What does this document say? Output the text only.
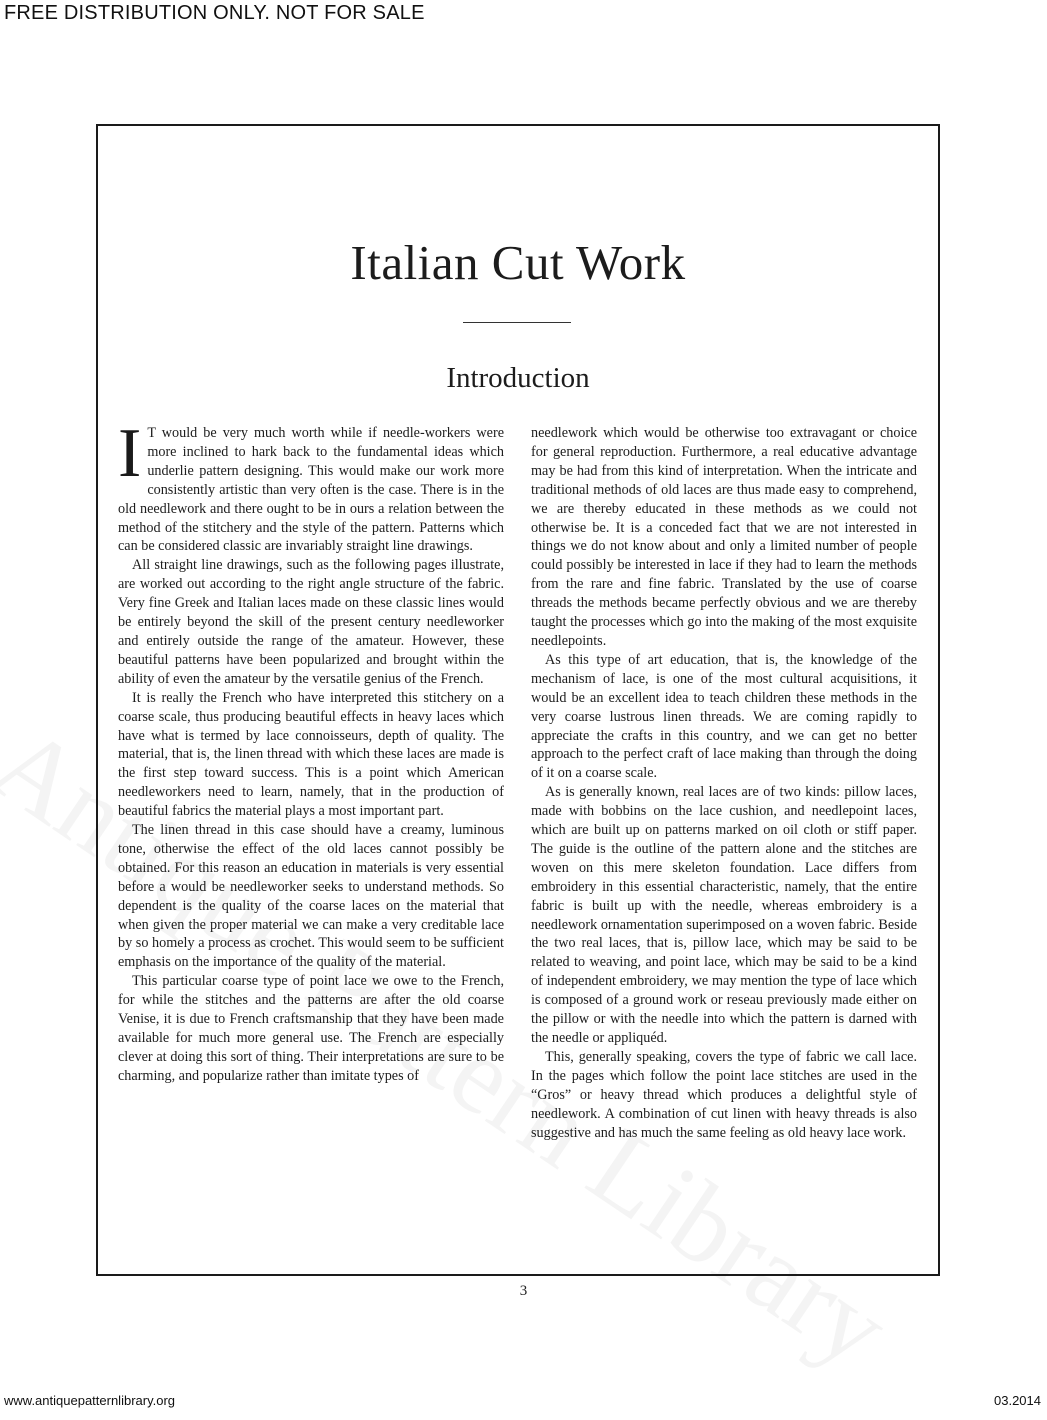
FREE DISTRIBUTION ONLY. NOT FOR SALE
Italian Cut Work
Introduction

I T would be very much worth while if needle-workers were more inclined to hark back to the fundamental ideas which underlie pattern designing. This would make our work more consistently artistic than very often is the case. There is in the old needlework and there ought to be in ours a relation between the method of the stitchery and the style of the pattern. Patterns which can be considered classic are invariably straight line drawings.

All straight line drawings, such as the following pages illustrate, are worked out according to the right angle structure of the fabric. Very fine Greek and Italian laces made on these classic lines would be entirely beyond the skill of the present century needleworker and entirely outside the range of the amateur. However, these beautiful patterns have been popularized and brought within the ability of even the amateur by the versatile genius of the French.

It is really the French who have interpreted this stitchery on a coarse scale, thus producing beautiful effects in heavy laces which have what is termed by lace connoisseurs, depth of quality. The material, that is, the linen thread with which these laces are made is the first step toward success. This is a point which American needleworkers need to learn, namely, that in the production of beautiful fabrics the material plays a most important part.

The linen thread in this case should have a creamy, luminous tone, otherwise the effect of the old laces cannot possibly be obtained. For this reason an education in materials is very essential before a would be needleworker seeks to understand methods. So dependent is the quality of the coarse laces on the material that when given the proper material we can make a very creditable lace by so homely a process as crochet. This would seem to be sufficient emphasis on the importance of the quality of the material.

This particular coarse type of point lace we owe to the French, for while the stitches and the patterns are after the old coarse Venise, it is due to French craftsmanship that they have been made available for much more general use. The French are especially clever at doing this sort of thing. Their interpretations are sure to be charming, and popularize rather than imitate types of

needlework which would be otherwise too extravagant or choice for general reproduction. Furthermore, a real educative advantage may be had from this kind of interpretation. When the intricate and traditional methods of old laces are thus made easy to comprehend, we are thereby educated in these methods as we could not otherwise be. It is a conceded fact that we are not interested in things we do not know about and only a limited number of people could possibly be interested in lace if they had to learn the methods from the rare and fine fabric. Translated by the use of coarse threads the methods became perfectly obvious and we are thereby taught the processes which go into the making of the most exquisite needlepoints.

As this type of art education, that is, the knowledge of the mechanism of lace, is one of the most cultural acquisitions, it would be an excellent idea to teach children these methods in the very coarse lustrous linen threads. We are coming rapidly to appreciate the crafts in this country, and we can get no better approach to the perfect craft of lace making than through the doing of it on a coarse scale.

As is generally known, real laces are of two kinds: pillow laces, made with bobbins on the lace cushion, and needlepoint laces, which are built up on patterns marked on oil cloth or stiff paper. The guide is the outline of the pattern alone and the stitches are woven on this mere skeleton foundation. Lace differs from embroidery in this essential characteristic, namely, that the entire fabric is built up with the needle, whereas embroidery is a needlework ornamentation superimposed on a woven fabric. Beside the two real laces, that is, pillow lace, which may be said to be related to weaving, and point lace, which may be said to be a kind of independent embroidery, we may mention the type of lace which is composed of a ground work or reseau previously made either on the pillow or with the needle into which the pattern is darned with the needle or appliquéd.

This, generally speaking, covers the type of fabric we call lace. In the pages which follow the point lace stitches are used in the “Gros” or heavy thread which produces a delightful style of needlework. A combination of cut linen with heavy threads is also suggestive and has much the same feeling as old heavy lace work.

3
www.antiquepatternlibrary.org	03.2014
